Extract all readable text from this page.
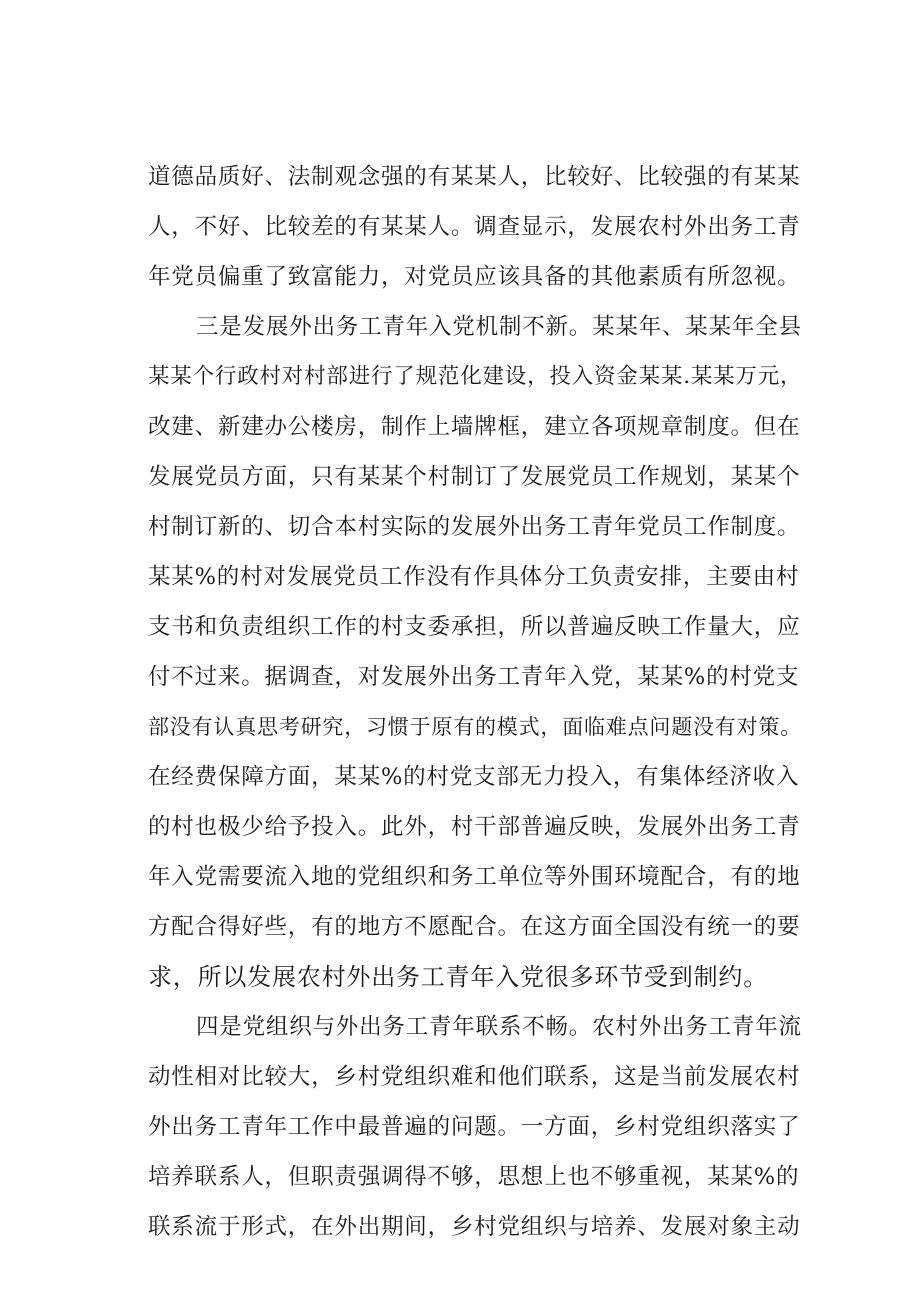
道德品质好、法制观念强的有某某人，比较好、比较强的有某某
人，不好、比较差的有某某人。调查显示，发展农村外出务工青
年党员偏重了致富能力，对党员应该具备的其他素质有所忽视。
三是发展外出务工青年入党机制不新。某某年、某某年全县
某某个行政村对村部进行了规范化建设，投入资金某某.某某万元，
改建、新建办公楼房，制作上墙牌框，建立各项规章制度。但在
发展党员方面，只有某某个村制订了发展党员工作规划，某某个
村制订新的、切合本村实际的发展外出务工青年党员工作制度。
某某%的村对发展党员工作没有作具体分工负责安排，主要由村
支书和负责组织工作的村支委承担，所以普遍反映工作量大，应
付不过来。据调查，对发展外出务工青年入党，某某%的村党支
部没有认真思考研究，习惯于原有的模式，面临难点问题没有对策。
在经费保障方面，某某%的村党支部无力投入，有集体经济收入
的村也极少给予投入。此外，村干部普遍反映，发展外出务工青
年入党需要流入地的党组织和务工单位等外围环境配合，有的地
方配合得好些，有的地方不愿配合。在这方面全国没有统一的要
求，所以发展农村外出务工青年入党很多环节受到制约。
四是党组织与外出务工青年联系不畅。农村外出务工青年流
动性相对比较大，乡村党组织难和他们联系，这是当前发展农村
外出务工青年工作中最普遍的问题。一方面，乡村党组织落实了
培养联系人，但职责强调得不够，思想上也不够重视，某某%的
联系流于形式，在外出期间，乡村党组织与培养、发展对象主动
